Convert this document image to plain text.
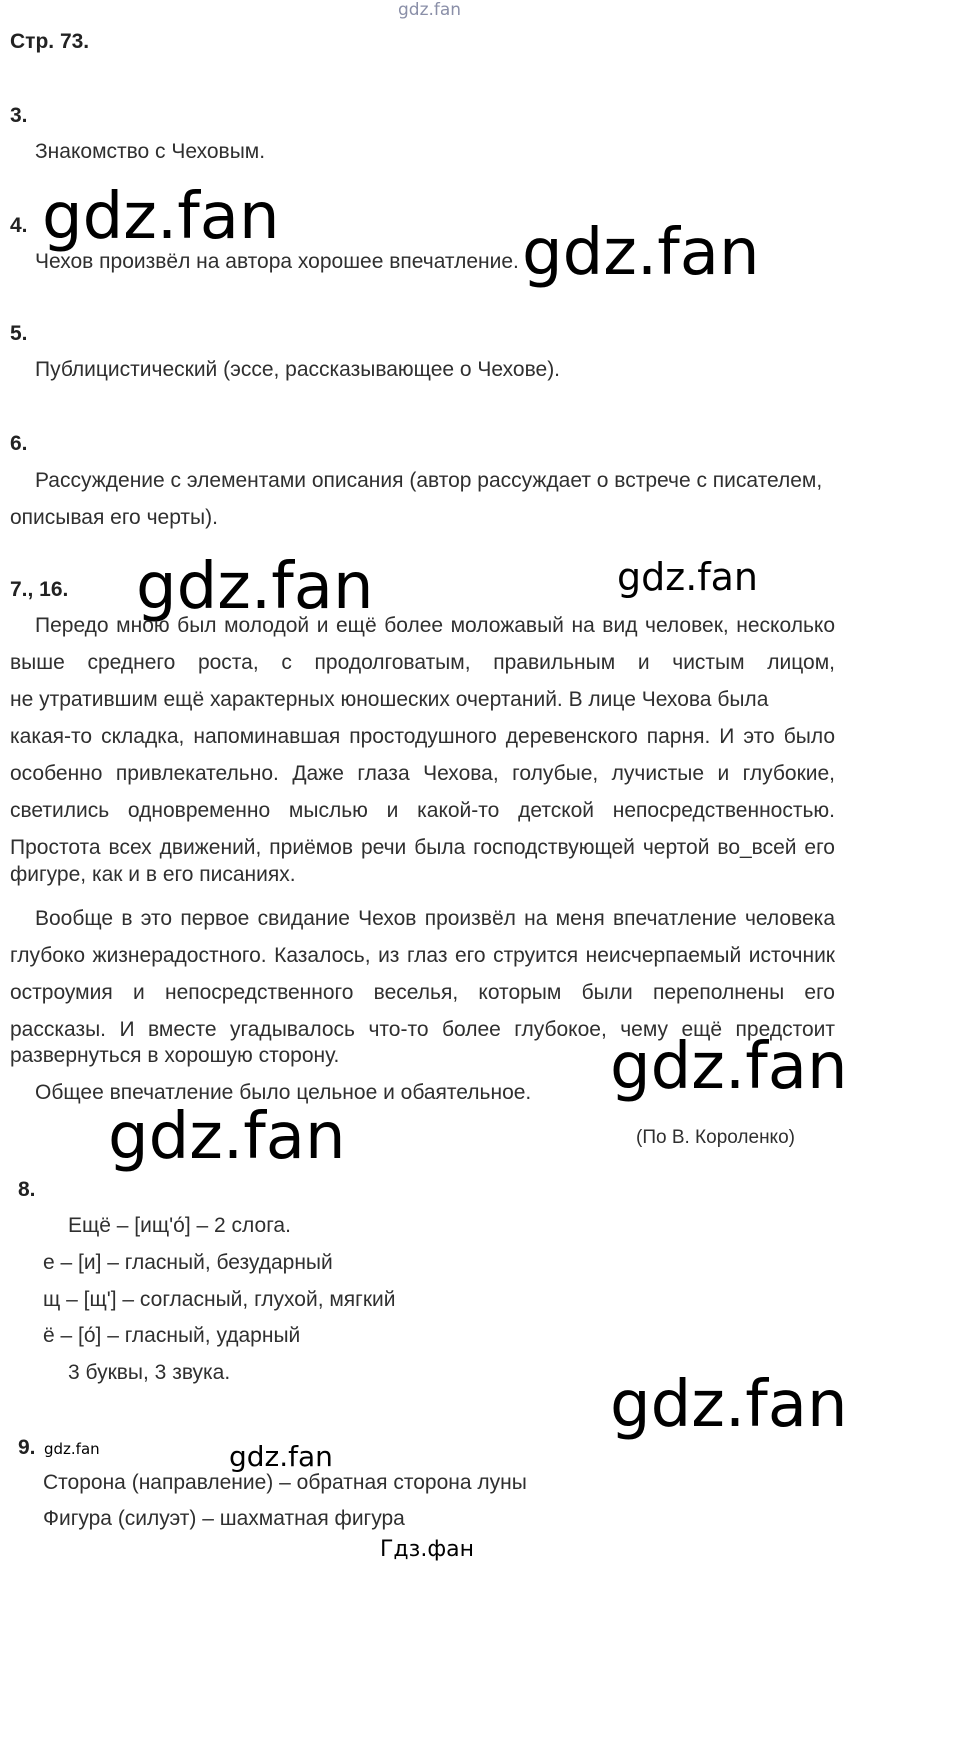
gdz.fan
Стр. 73.
3.
Знакомство с Чеховым.
4. gdz.fan
Чехов произвёл на автора хорошее впечатление. gdz.fan
5.
Публицистический (эссе, рассказывающее о Чехове).
6.
Рассуждение с элементами описания (автор рассуждает о встрече с писателем,
описывая его черты).
7., 16. gdz.fan	gdz.fan
Передо мною был молодой и ещё более моложавый на вид человек, несколько
выше среднего роста, с продолговатым, правильным и чистым лицом,
не утратившим ещё характерных юношеских очертаний. В лице Чехова была
какая-то складка, напоминавшая простодушного деревенского парня. И это было
особенно привлекательно. Даже глаза Чехова, голубые, лучистые и глубокие,
светились одновременно мыслью и какой-то детской непосредственностью.
Простота всех движений, приёмов речи была господствующей чертой во_всей его
фигуре, как и в его писаниях.
Вообще в это первое свидание Чехов произвёл на меня впечатление человека
глубоко жизнерадостного. Казалось, из глаз его струится неисчерпаемый источник
остроумия и непосредственного веселья, которым были переполнены его
рассказы. И вместе угадывалось что-то более глубокое, чему ещё предстоит
развернуться в хорошую сторону.	gdz.fan
Общее впечатление было цельное и обаятельное.
gdz.fan	(По В. Короленко)
8.
Ещё – [ищ'о́] – 2 слога.
е – [и] – гласный, безударный
щ – [щ'] – согласный, глухой, мягкий
ё – [о́] – гласный, ударный
3 буквы, 3 звука.	gdz.fan
9. gdz.fan	gdz.fan
Сторона (направление) – обратная сторона луны
Фигура (силуэт) – шахматная фигура
Гдз.фан
